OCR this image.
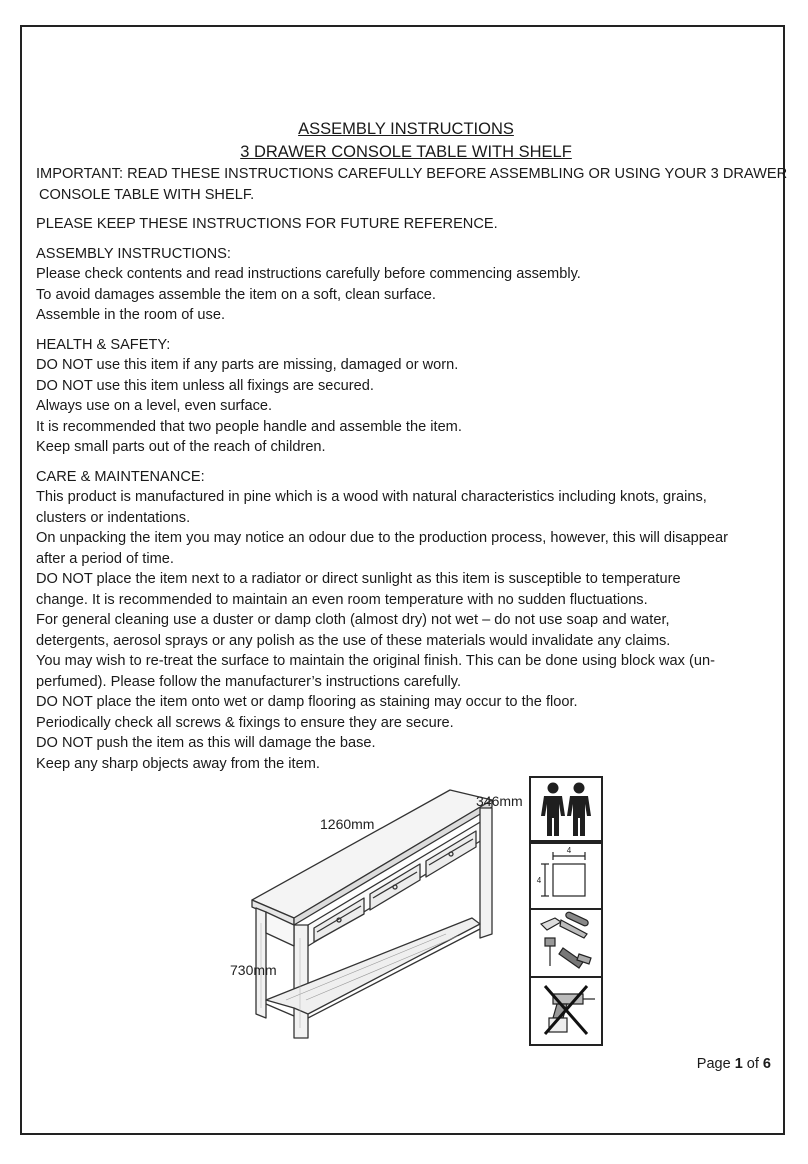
ASSEMBLY INSTRUCTIONS
3 DRAWER CONSOLE TABLE WITH SHELF
IMPORTANT: READ THESE INSTRUCTIONS CAREFULLY BEFORE ASSEMBLING OR USING YOUR 3 DRAWER
CONSOLE TABLE WITH SHELF.
PLEASE KEEP THESE INSTRUCTIONS FOR FUTURE REFERENCE.
ASSEMBLY INSTRUCTIONS:
Please check contents and read instructions carefully before commencing assembly.
To avoid damages assemble the item on a soft, clean surface.
Assemble in the room of use.
HEALTH & SAFETY:
DO NOT use this item if any parts are missing, damaged or worn.
DO NOT use this item unless all fixings are secured.
Always use on a level, even surface.
It is recommended that two people handle and assemble the item.
Keep small parts out of the reach of children.
CARE & MAINTENANCE:
This product is manufactured in pine which is a wood with natural characteristics including knots, grains,
clusters or indentations.
On unpacking the item you may notice an odour due to the production process, however, this will disappear
after a period of time.
DO NOT place the item next to a radiator or direct sunlight as this item is susceptible to temperature
change. It is recommended to maintain an even room temperature with no sudden fluctuations.
For general cleaning use a duster or damp cloth (almost dry) not wet – do not use soap and water,
detergents, aerosol sprays or any polish as the use of these materials would invalidate any claims.
You may wish to re-treat the surface to maintain the original finish. This can be done using block wax (un-
perfumed). Please follow the manufacturer’s instructions carefully.
DO NOT place the item onto wet or damp flooring as staining may occur to the floor.
Periodically check all screws & fixings to ensure they are secure.
DO NOT push the item as this will damage the base.
Keep any sharp objects away from the item.
1260mm
346mm
730mm
4
4
Page 1 of 6
